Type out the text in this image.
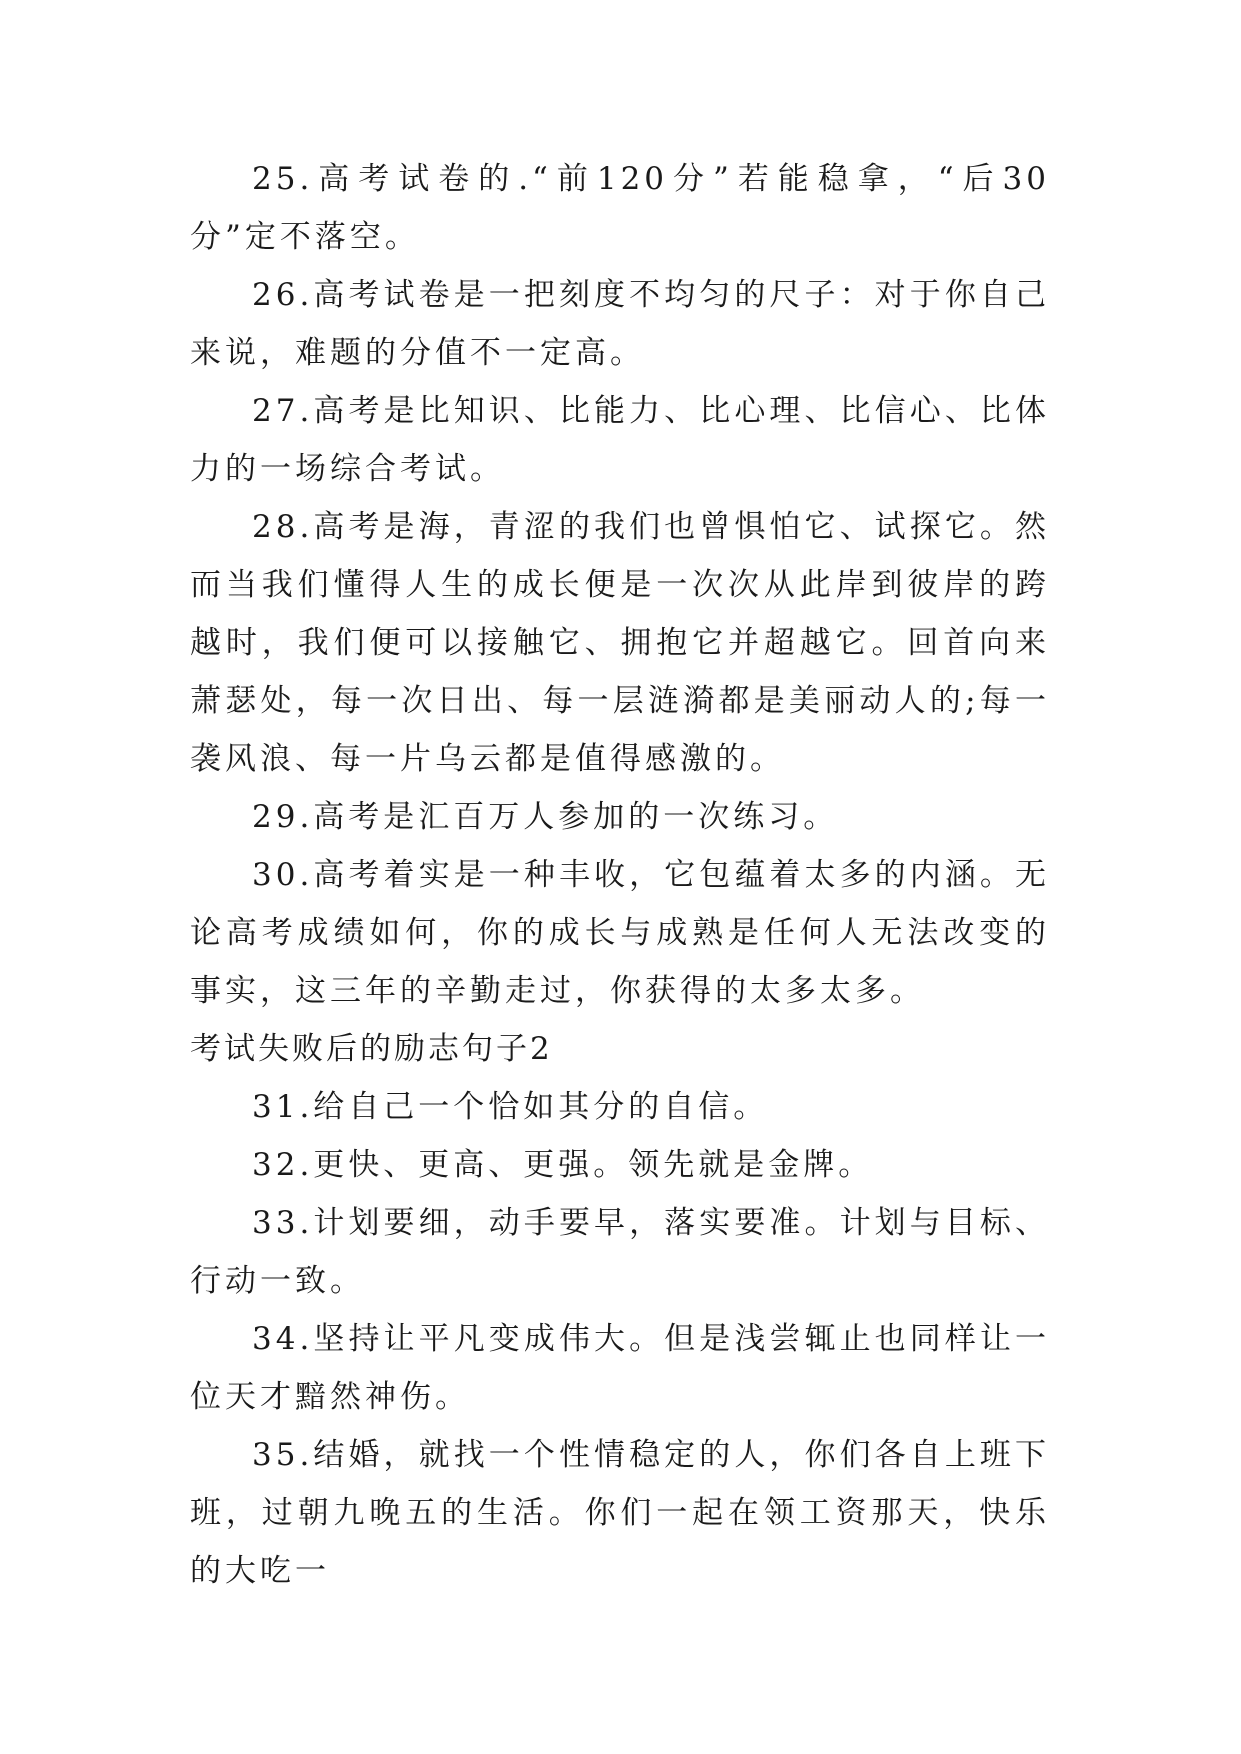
25.高考试卷的.“前120分”若能稳拿，“后30分”定不落空。

26.高考试卷是一把刻度不均匀的尺子：对于你自己来说，难题的分值不一定高。

27.高考是比知识、比能力、比心理、比信心、比体力的一场综合考试。

28.高考是海，青涩的我们也曾惧怕它、试探它。然而当我们懂得人生的成长便是一次次从此岸到彼岸的跨越时，我们便可以接触它、拥抱它并超越它。回首向来萧瑟处，每一次日出、每一层涟漪都是美丽动人的;每一袭风浪、每一片乌云都是值得感激的。

29.高考是汇百万人参加的一次练习。

30.高考着实是一种丰收，它包蕴着太多的内涵。无论高考成绩如何，你的成长与成熟是任何人无法改变的事实，这三年的辛勤走过，你获得的太多太多。

考试失败后的励志句子2

31.给自己一个恰如其分的自信。

32.更快、更高、更强。领先就是金牌。

33.计划要细，动手要早，落实要准。计划与目标、行动一致。

34.坚持让平凡变成伟大。但是浅尝辄止也同样让一位天才黯然神伤。

35.结婚，就找一个性情稳定的人，你们各自上班下班，过朝九晚五的生活。你们一起在领工资那天，快乐的大吃一
